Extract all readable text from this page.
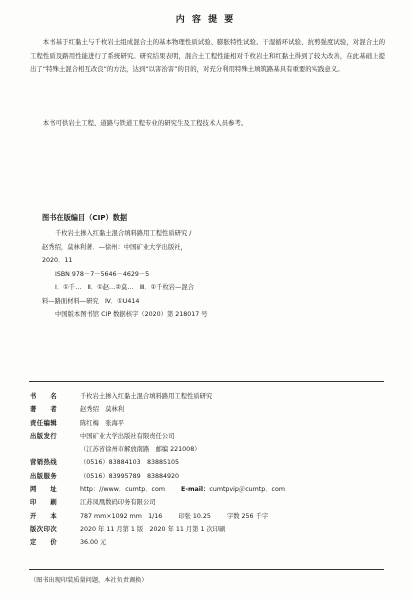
内 容 提 要

本书基于红黏土与千枚岩土组成混合土的基本物理性质试验、膨胀特性试验、干湿循环试验、抗剪强度试验，对混合土的工程性质及路用性能进行了系统研究。研究结果表明，混合土工程性能相对千枚岩土和红黏土得到了较大改善，在此基础上提出了“特殊土混合相互改良”的方法，达到“以害治害”的目的，对充分利用特殊土填筑路基具有重要的实践意义。

本书可供岩土工程、道路与铁道工程专业的研究生及工程技术人员参考。

图书在版编目（CIP）数据

千枚岩土掺入红黏土混合填料路用工程性质研究 /

赵秀绍，莫林利著．—徐州：中国矿业大学出版社，

2020．11

ISBN 978－7－5646－4629－5

Ⅰ．①千…　Ⅱ．①赵…②莫…　Ⅲ．①千枚岩—混合

料—路面材料—研究　Ⅳ．①U414

中国版本图书馆 CIP 数据核字（2020）第 218017 号

书　　名	千枚岩土掺入红黏土混合填料路用工程性质研究
著　　者	赵秀绍　莫林利
责任编辑	陈红梅　张海平
出版发行	中国矿业大学出版社有限责任公司
（江苏省徐州市解放南路　邮编 221008）
营销热线	（0516）83884103　83885105
出版服务	（0516）83995789　83884920
网　　址	http：//www．cumtp．com	E-mail：cumtpvip＠cumtp．com
印　　刷	江苏凤凰数码印务有限公司
开　　本	787 mm×1092 mm　1/16	印张 10.25	字数 256 千字
版次印次	2020 年 11 月第 1 版　2020 年 11 月第 1 次印刷
定　　价	36.00 元
（图书出现印装质量问题，本社负责调换）
